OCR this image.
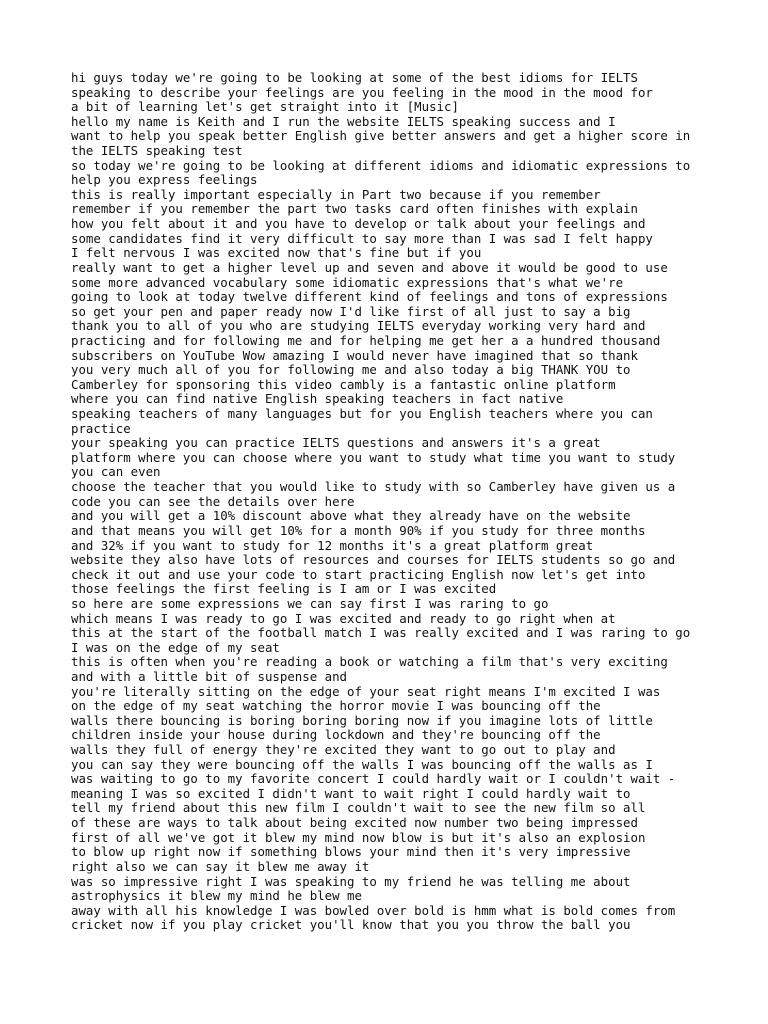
hi guys today we're going to be looking at some of the best idioms for IELTS
speaking to describe your feelings are you feeling in the mood in the mood for
a bit of learning let's get straight into it [Music]
hello my name is Keith and I run the website IELTS speaking success and I
want to help you speak better English give better answers and get a higher score in
the IELTS speaking test
so today we're going to be looking at different idioms and idiomatic expressions to
help you express feelings
this is really important especially in Part two because if you remember
remember if you remember the part two tasks card often finishes with explain
how you felt about it and you have to develop or talk about your feelings and
some candidates find it very difficult to say more than I was sad I felt happy
I felt nervous I was excited now that's fine but if you
really want to get a higher level up and seven and above it would be good to use
some more advanced vocabulary some idiomatic expressions that's what we're
going to look at today twelve different kind of feelings and tons of expressions
so get your pen and paper ready now I'd like first of all just to say a big
thank you to all of you who are studying IELTS everyday working very hard and
practicing and for following me and for helping me get her a a hundred thousand
subscribers on YouTube Wow amazing I would never have imagined that so thank
you very much all of you for following me and also today a big THANK YOU to
Camberley for sponsoring this video cambly is a fantastic online platform
where you can find native English speaking teachers in fact native
speaking teachers of many languages but for you English teachers where you can
practice
your speaking you can practice IELTS questions and answers it's a great
platform where you can choose where you want to study what time you want to study
you can even
choose the teacher that you would like to study with so Camberley have given us a
code you can see the details over here
and you will get a 10% discount above what they already have on the website
and that means you will get 10% for a month 90% if you study for three months
and 32% if you want to study for 12 months it's a great platform great
website they also have lots of resources and courses for IELTS students so go and
check it out and use your code to start practicing English now let's get into
those feelings the first feeling is I am or I was excited
so here are some expressions we can say first I was raring to go
which means I was ready to go I was excited and ready to go right when at
this at the start of the football match I was really excited and I was raring to go
I was on the edge of my seat
this is often when you're reading a book or watching a film that's very exciting
and with a little bit of suspense and
you're literally sitting on the edge of your seat right means I'm excited I was
on the edge of my seat watching the horror movie I was bouncing off the
walls there bouncing is boring boring boring now if you imagine lots of little
children inside your house during lockdown and they're bouncing off the
walls they full of energy they're excited they want to go out to play and
you can say they were bouncing off the walls I was bouncing off the walls as I
was waiting to go to my favorite concert I could hardly wait or I couldn't wait -
meaning I was so excited I didn't want to wait right I could hardly wait to
tell my friend about this new film I couldn't wait to see the new film so all
of these are ways to talk about being excited now number two being impressed
first of all we've got it blew my mind now blow is but it's also an explosion
to blow up right now if something blows your mind then it's very impressive
right also we can say it blew me away it
was so impressive right I was speaking to my friend he was telling me about
astrophysics it blew my mind he blew me
away with all his knowledge I was bowled over bold is hmm what is bold comes from
cricket now if you play cricket you'll know that you you throw the ball you
